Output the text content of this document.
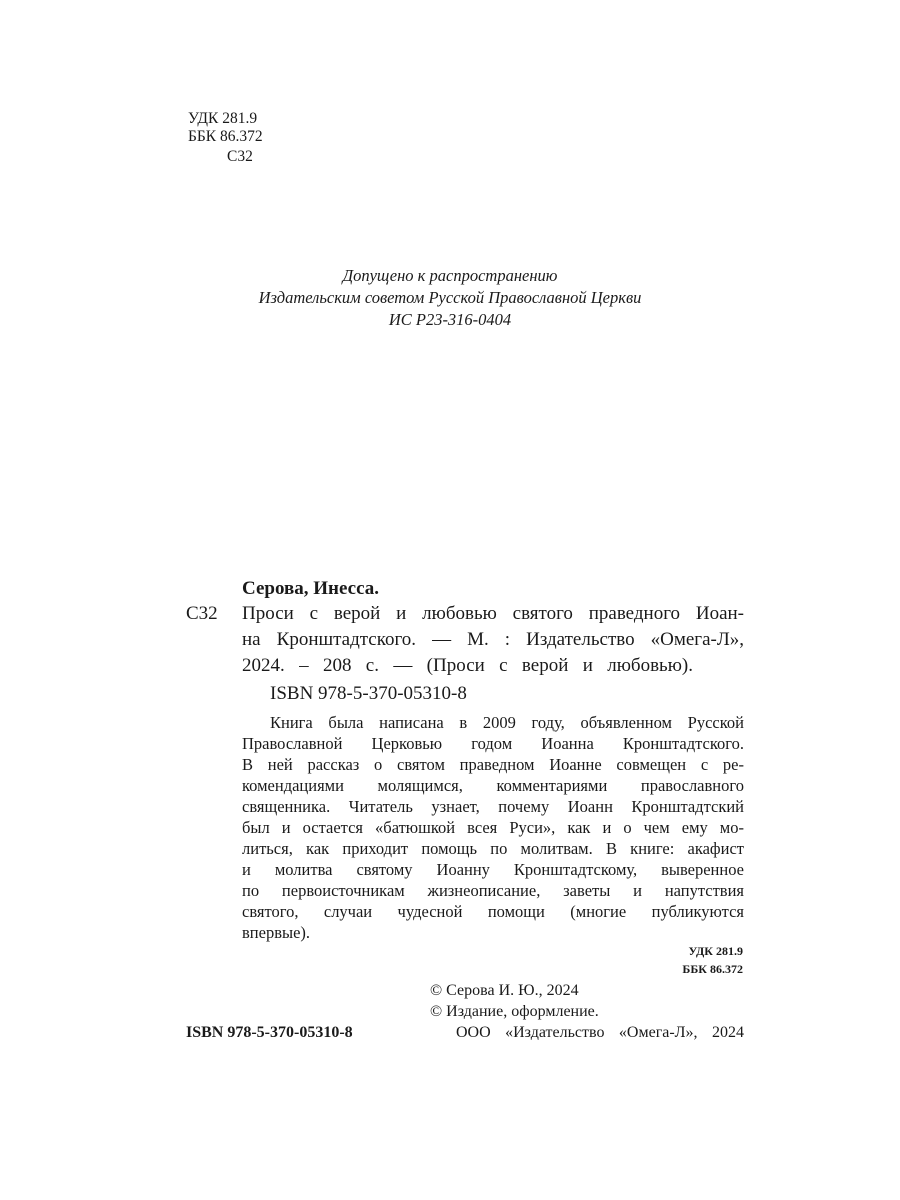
УДК 281.9
ББК 86.372
С32
Допущено к распространению
Издательским советом Русской Православной Церкви
ИС Р23-316-0404
Серова, Инесса.
С32 Проси с верой и любовью святого праведного Иоан-
на Кронштадтского. — М. : Издательство «Омега-Л»,
2024. – 208 с. — (Проси с верой и любовью).
ISBN 978-5-370-05310-8
Книга была написана в 2009 году, объявленном Русской
Православной Церковью годом Иоанна Кронштадтского.
В ней рассказ о святом праведном Иоанне совмещен с ре-
комендациями молящимся, комментариями православного
священника. Читатель узнает, почему Иоанн Кронштадтский
был и остается «батюшкой всея Руси», как и о чем ему мо-
литься, как приходит помощь по молитвам. В книге: акафист
и молитва святому Иоанну Кронштадтскому, выверенное
по первоисточникам жизнеописание, заветы и напутствия
святого, случаи чудесной помощи (многие публикуются
впервые).
УДК 281.9
ББК 86.372
ISBN 978-5-370-05310-8
© Серова И. Ю., 2024
© Издание, оформление.
ООО «Издательство «Омега-Л», 2024
